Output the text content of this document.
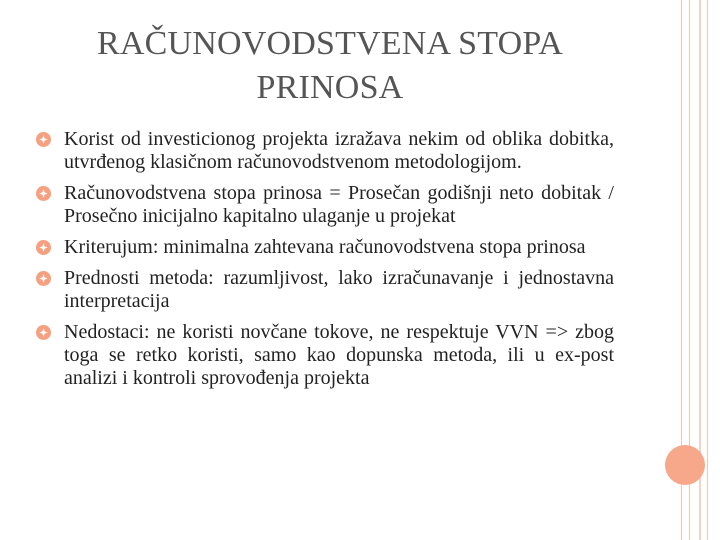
RAČUNOVODSTVENA STOPA
PRINOSA
Korist od investicionog projekta izražava nekim od oblika dobitka, utvrđenog klasičnom računovodstvenom metodologijom.
Računovodstvena stopa prinosa = Prosečan godišnji neto dobitak / Prosečno inicijalno kapitalno ulaganje u projekat
Kriterujum: minimalna zahtevana računovodstvena stopa prinosa
Prednosti metoda: razumljivost, lako izračunavanje i jednostavna interpretacija
Nedostaci: ne koristi novčane tokove, ne respektuje VVN => zbog toga se retko koristi, samo kao dopunska metoda, ili u ex-post analizi i kontroli sprovođenja projekta
